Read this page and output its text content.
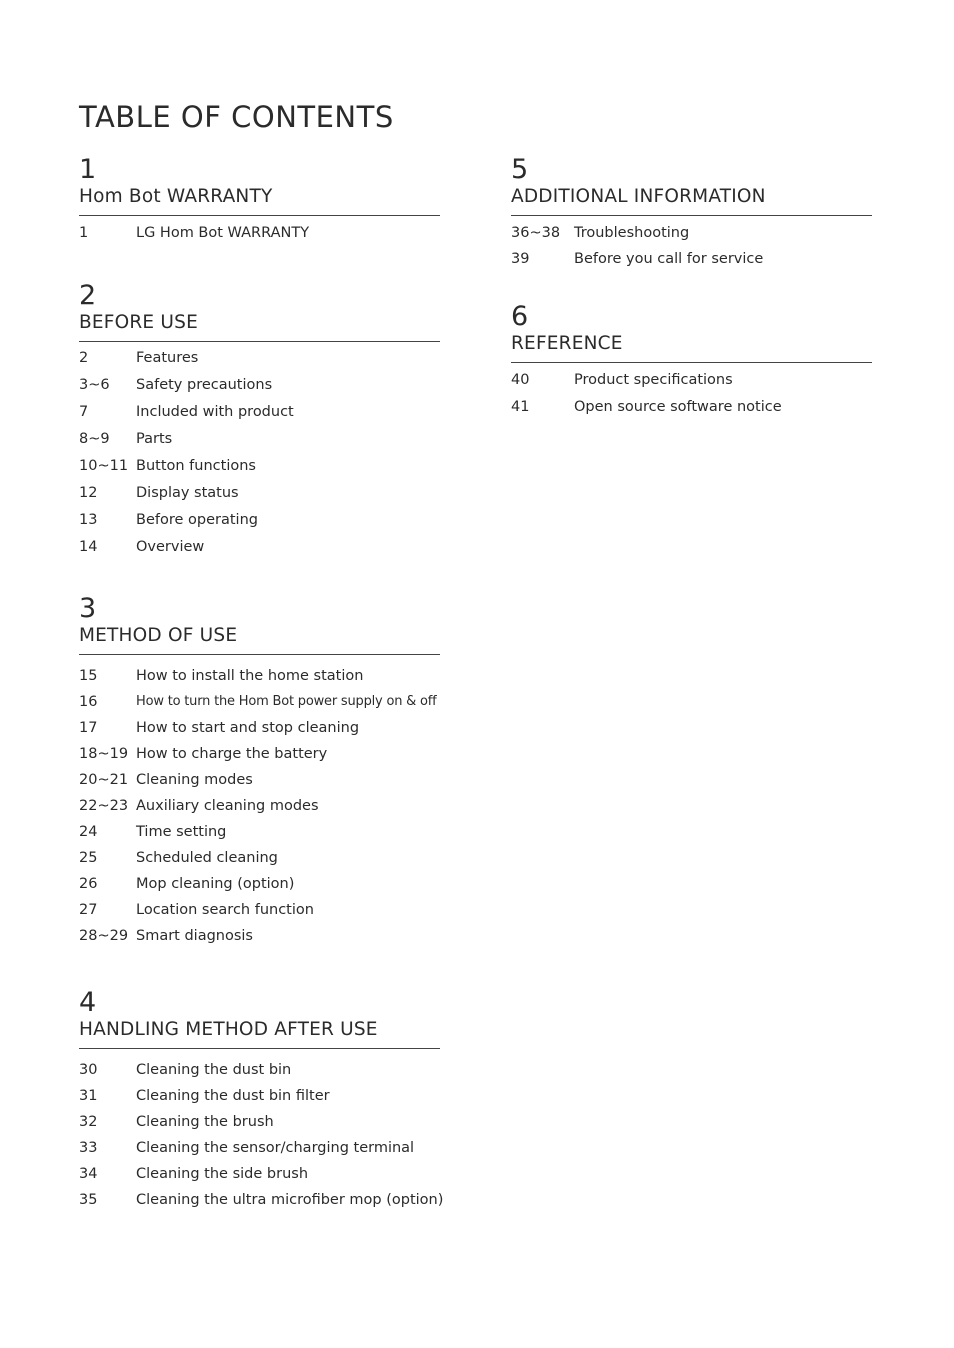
TABLE OF CONTENTS
1
Hom Bot WARRANTY
1	LG Hom Bot WARRANTY
2
BEFORE USE
2	Features
3~6	Safety precautions
7	Included with product
8~9	Parts
10~11 Button functions
12	Display status
13	Before operating
14	Overview
3
METHOD OF USE
15	How to install the home station
16	How to turn the Hom Bot power supply on & off
17	How to start and stop cleaning
18~19 How to charge the battery
20~21 Cleaning modes
22~23 Auxiliary cleaning modes
24	Time setting
25	Scheduled cleaning
26	Mop cleaning (option)
27	Location search function
28~29 Smart diagnosis
4
HANDLING METHOD AFTER USE
30	Cleaning the dust bin
31	Cleaning the dust bin filter
32	Cleaning the brush
33	Cleaning the sensor/charging terminal
34	Cleaning the side brush
35	Cleaning the ultra microfiber mop (option)
5
ADDITIONAL INFORMATION
36~38 Troubleshooting
39	Before you call for service
6
REFERENCE
40	Product specifications
41	Open source software notice
